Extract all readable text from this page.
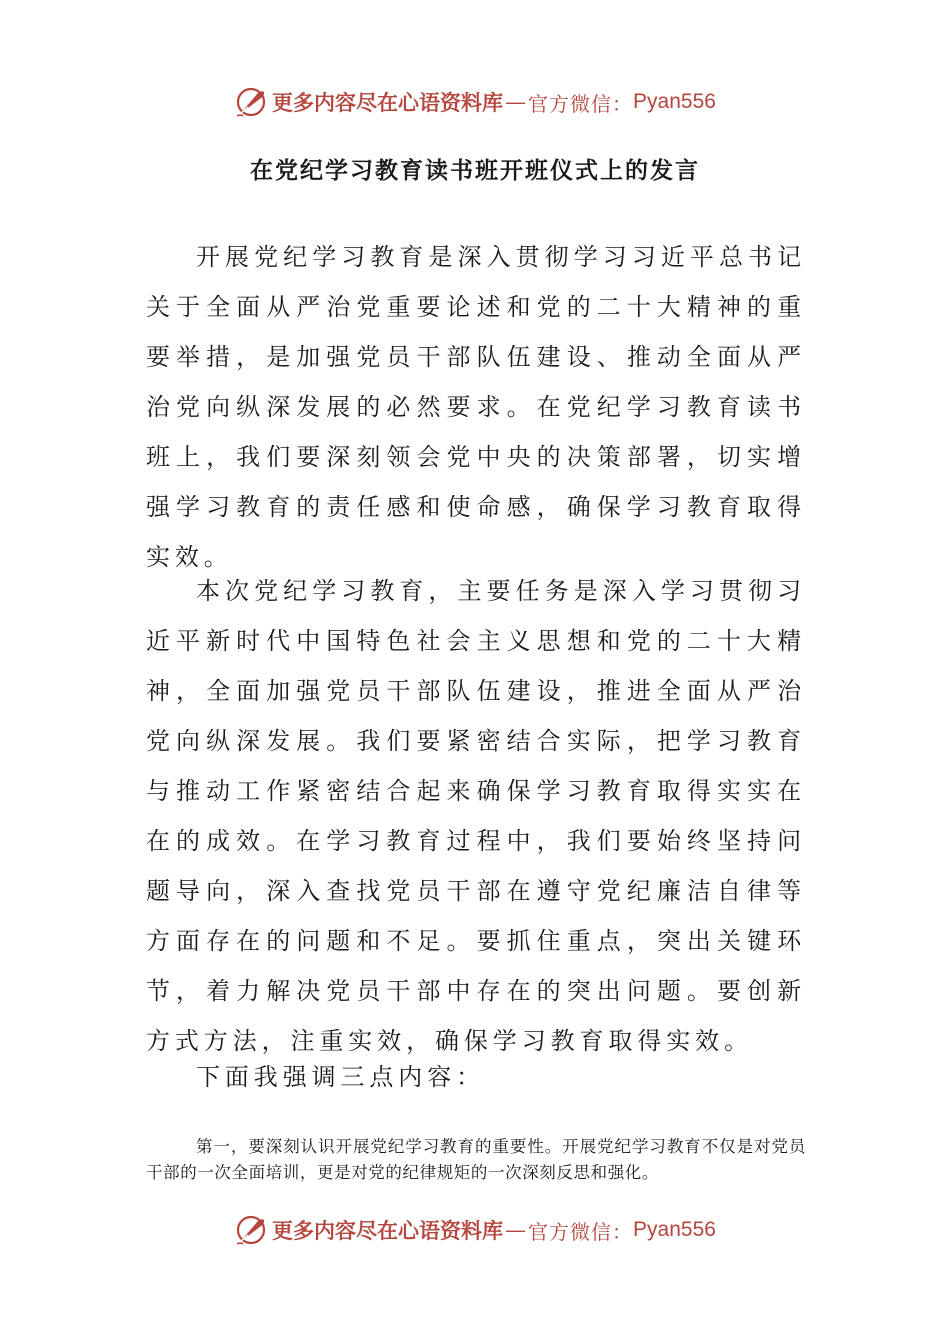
更多内容尽在心语资料库 — 官方微信： Pyan556
在党纪学习教育读书班开班仪式上的发言

开展党纪学习教育是深入贯彻学习习近平总书记关于全面从严治党重要论述和党的二十大精神的重要举措，是加强党员干部队伍建设、推动全面从严治党向纵深发展的必然要求。在党纪学习教育读书班上，我们要深刻领会党中央的决策部署，切实增强学习教育的责任感和使命感，确保学习教育取得实效。

本次党纪学习教育，主要任务是深入学习贯彻习近平新时代中国特色社会主义思想和党的二十大精神，全面加强党员干部队伍建设，推进全面从严治党向纵深发展。我们要紧密结合实际，把学习教育与推动工作紧密结合起来确保学习教育取得实实在在的成效。在学习教育过程中，我们要始终坚持问题导向，深入查找党员干部在遵守党纪廉洁自律等方面存在的问题和不足。要抓住重点，突出关键环节，着力解决党员干部中存在的突出问题。要创新方式方法，注重实效，确保学习教育取得实效。

下面我强调三点内容：

第一，要深刻认识开展党纪学习教育的重要性。开展党纪学习教育不仅是对党员干部的一次全面培训，更是对党的纪律规矩的一次深刻反思和强化。

更多内容尽在心语资料库 — 官方微信： Pyan556
